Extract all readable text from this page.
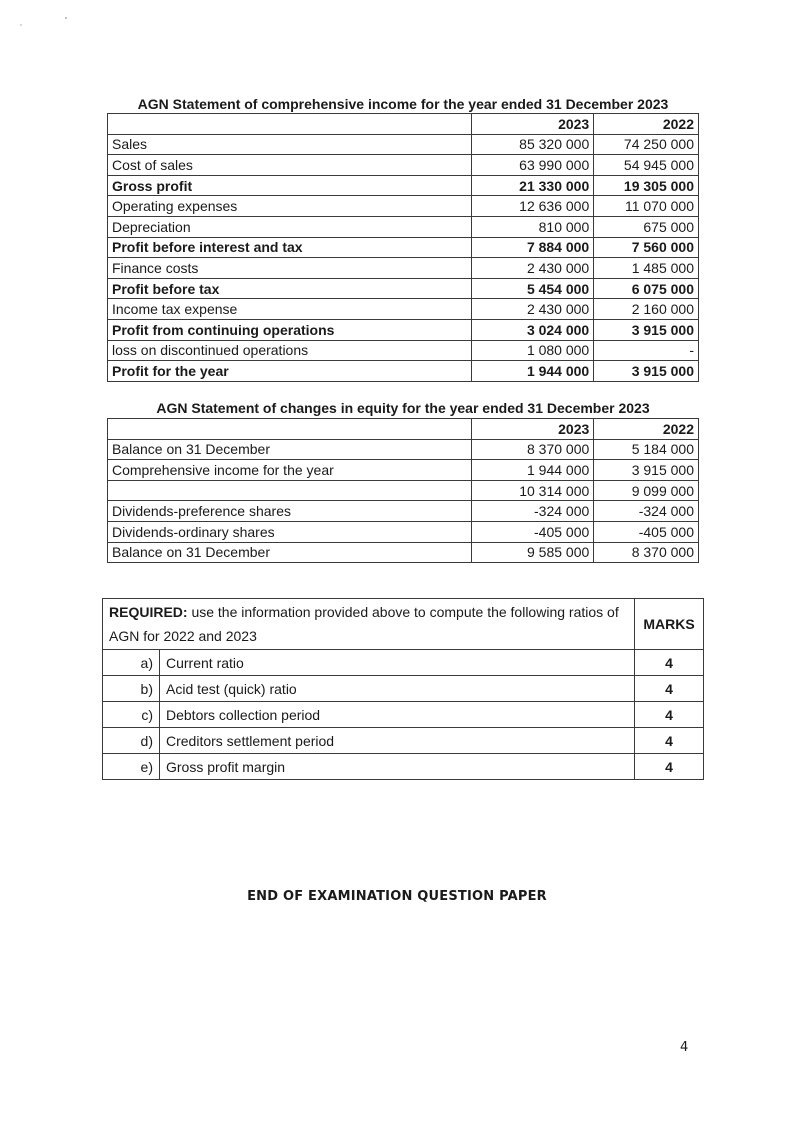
AGN Statement of comprehensive income for the year ended 31 December 2023
	2023	2022
Sales	85 320 000	74 250 000
Cost of sales	63 990 000	54 945 000
Gross profit	21 330 000	19 305 000
Operating expenses	12 636 000	11 070 000
Depreciation	810 000	675 000
Profit before interest and tax	7 884 000	7 560 000
Finance costs	2 430 000	1 485 000
Profit before tax	5 454 000	6 075 000
Income tax expense	2 430 000	2 160 000
Profit from continuing operations	3 024 000	3 915 000
loss on discontinued operations	1 080 000	-
Profit for the year	1 944 000	3 915 000
AGN Statement of changes in equity for the year ended 31 December 2023
	2023	2022
Balance on 31 December	8 370 000	5 184 000
Comprehensive income for the year	1 944 000	3 915 000
	10 314 000	9 099 000
Dividends-preference shares	-324 000	-324 000
Dividends-ordinary shares	-405 000	-405 000
Balance on 31 December	9 585 000	8 370 000
REQUIRED: use the information provided above to compute the following ratios of AGN for 2022 and 2023		MARKS
a)	Current ratio	4
b)	Acid test (quick) ratio	4
c)	Debtors collection period	4
d)	Creditors settlement period	4
e)	Gross profit margin	4
END OF EXAMINATION QUESTION PAPER
4
